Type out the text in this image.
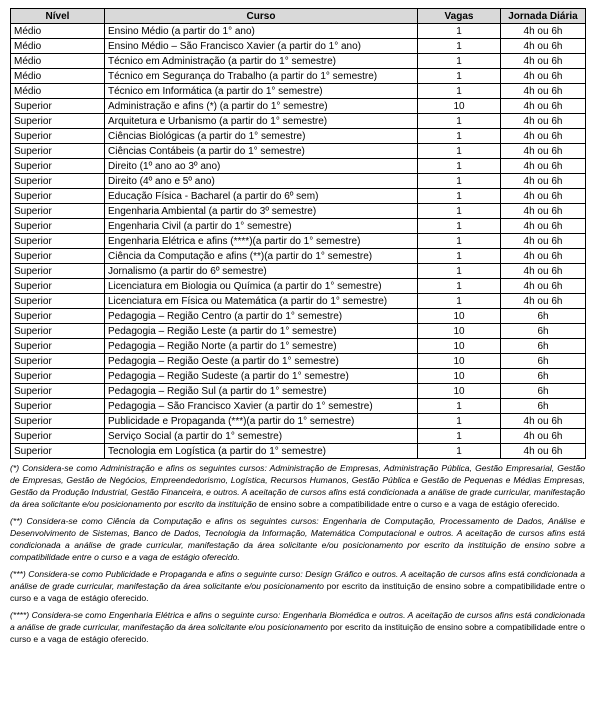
Nível	Curso	Vagas	Jornada Diária
Médio	Ensino Médio (a partir do 1° ano)	1	4h ou 6h
Médio	Ensino Médio – São Francisco Xavier (a partir do 1° ano)	1	4h ou 6h
Médio	Técnico em Administração (a partir do 1° semestre)	1	4h ou 6h
Médio	Técnico em Segurança do Trabalho (a partir do 1° semestre)	1	4h ou 6h
Médio	Técnico em Informática (a partir do 1° semestre)	1	4h ou 6h
Superior	Administração e afins (*) (a partir do 1° semestre)	10	4h ou 6h
Superior	Arquitetura e Urbanismo (a partir do 1° semestre)	1	4h ou 6h
Superior	Ciências Biológicas (a partir do 1° semestre)	1	4h ou 6h
Superior	Ciências Contábeis (a partir do 1° semestre)	1	4h ou 6h
Superior	Direito (1º ano ao 3º ano)	1	4h ou 6h
Superior	Direito (4º ano e 5º ano)	1	4h ou 6h
Superior	Educação Física - Bacharel (a partir do 6º sem)	1	4h ou 6h
Superior	Engenharia Ambiental (a partir do 3º semestre)	1	4h ou 6h
Superior	Engenharia Civil (a partir do 1° semestre)	1	4h ou 6h
Superior	Engenharia Elétrica e afins (****)(a partir do 1° semestre)	1	4h ou 6h
Superior	Ciência da Computação e afins (**)(a partir do 1° semestre)	1	4h ou 6h
Superior	Jornalismo (a partir do 6º semestre)	1	4h ou 6h
Superior	Licenciatura em Biologia ou Química (a partir do 1° semestre)	1	4h ou 6h
Superior	Licenciatura em Física ou Matemática (a partir do 1° semestre)	1	4h ou 6h
Superior	Pedagogia – Região Centro (a partir do 1° semestre)	10	6h
Superior	Pedagogia – Região Leste (a partir do 1° semestre)	10	6h
Superior	Pedagogia – Região Norte (a partir do 1° semestre)	10	6h
Superior	Pedagogia – Região Oeste (a partir do 1° semestre)	10	6h
Superior	Pedagogia – Região Sudeste (a partir do 1° semestre)	10	6h
Superior	Pedagogia – Região Sul (a partir do 1° semestre)	10	6h
Superior	Pedagogia – São Francisco Xavier (a partir do 1° semestre)	1	6h
Superior	Publicidade e Propaganda (***)(a partir do 1° semestre)	1	4h ou 6h
Superior	Serviço Social (a partir do 1° semestre)	1	4h ou 6h
Superior	Tecnologia em Logística (a partir do 1° semestre)	1	4h ou 6h

(*) Considera-se como Administração e afins os seguintes cursos: Administração de Empresas, Administração Pública, Gestão Empresarial, Gestão de Empresas, Gestão de Negócios, Empreendedorismo, Logística, Recursos Humanos, Gestão Pública e Gestão de Pequenas e Médias Empresas, Gestão da Produção Industrial, Gestão Financeira, e outros. A aceitação de cursos afins está condicionada a análise de grade curricular, manifestação da área solicitante e/ou posicionamento por escrito da instituição de ensino sobre a compatibilidade entre o curso e a vaga de estágio oferecido.

(**) Considera-se como Ciência da Computação e afins os seguintes cursos: Engenharia de Computação, Processamento de Dados, Análise e Desenvolvimento de Sistemas, Banco de Dados, Tecnologia da Informação, Matemática Computacional e outros. A aceitação de cursos afins está condicionada a análise de grade curricular, manifestação da área solicitante e/ou posicionamento por escrito da instituição de ensino sobre a compatibilidade entre o curso e a vaga de estágio oferecido.

(***) Considera-se como Publicidade e Propaganda e afins o seguinte curso: Design Gráfico e outros. A aceitação de cursos afins está condicionada a análise de grade curricular, manifestação da área solicitante e/ou posicionamento por escrito da instituição de ensino sobre a compatibilidade entre o curso e a vaga de estágio oferecido.

(****) Considera-se como Engenharia Elétrica e afins o seguinte curso: Engenharia Biomédica e outros. A aceitação de cursos afins está condicionada a análise de grade curricular, manifestação da área solicitante e/ou posicionamento por escrito da instituição de ensino sobre a compatibilidade entre o curso e a vaga de estágio oferecido.
